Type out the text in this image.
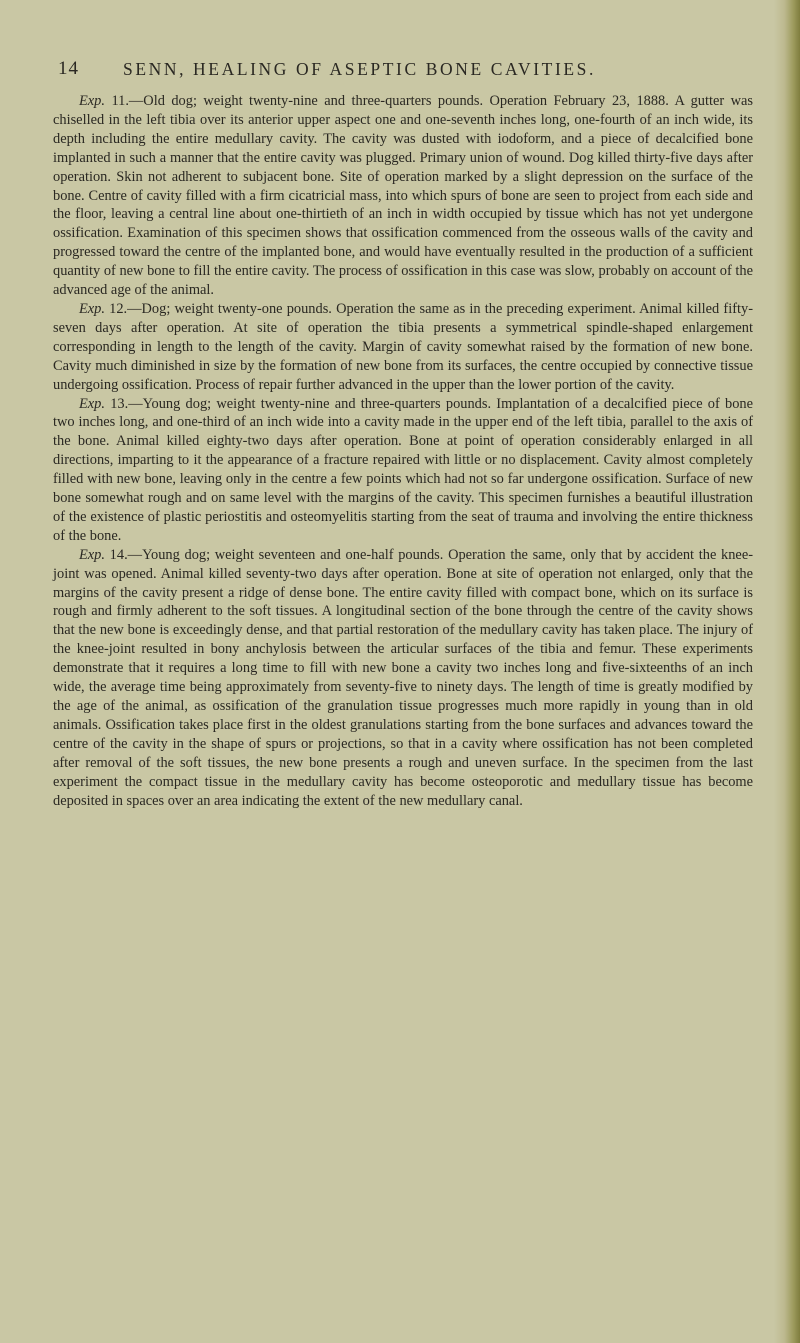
14	SENN, HEALING OF ASEPTIC BONE CAVITIES.

Exp. 11.—Old dog; weight twenty-nine and three-quarters pounds. Operation February 23, 1888. A gutter was chiselled in the left tibia over its anterior upper aspect one and one-seventh inches long, one-fourth of an inch wide, its depth including the entire medullary cavity. The cavity was dusted with iodoform, and a piece of decalcified bone implanted in such a manner that the entire cavity was plugged. Primary union of wound. Dog killed thirty-five days after operation. Skin not adherent to subjacent bone. Site of operation marked by a slight depression on the surface of the bone. Centre of cavity filled with a firm cicatricial mass, into which spurs of bone are seen to project from each side and the floor, leaving a central line about one-thirtieth of an inch in width occupied by tissue which has not yet undergone ossification. Examination of this specimen shows that ossification commenced from the osseous walls of the cavity and progressed toward the centre of the implanted bone, and would have eventually resulted in the production of a sufficient quantity of new bone to fill the entire cavity. The process of ossification in this case was slow, probably on account of the advanced age of the animal.

Exp. 12.—Dog; weight twenty-one pounds. Operation the same as in the preceding experiment. Animal killed fifty-seven days after operation. At site of operation the tibia presents a symmetrical spindle-shaped enlargement corresponding in length to the length of the cavity. Margin of cavity somewhat raised by the formation of new bone. Cavity much diminished in size by the formation of new bone from its surfaces, the centre occupied by connective tissue undergoing ossification. Process of repair further advanced in the upper than the lower portion of the cavity.

Exp. 13.—Young dog; weight twenty-nine and three-quarters pounds. Implantation of a decalcified piece of bone two inches long, and one-third of an inch wide into a cavity made in the upper end of the left tibia, parallel to the axis of the bone. Animal killed eighty-two days after operation. Bone at point of operation considerably enlarged in all directions, imparting to it the appearance of a fracture repaired with little or no displacement. Cavity almost completely filled with new bone, leaving only in the centre a few points which had not so far undergone ossification. Surface of new bone somewhat rough and on same level with the margins of the cavity. This specimen furnishes a beautiful illustration of the existence of plastic periostitis and osteomyelitis starting from the seat of trauma and involving the entire thickness of the bone.

Exp. 14.—Young dog; weight seventeen and one-half pounds. Operation the same, only that by accident the knee-joint was opened. Animal killed seventy-two days after operation. Bone at site of operation not enlarged, only that the margins of the cavity present a ridge of dense bone. The entire cavity filled with compact bone, which on its surface is rough and firmly adherent to the soft tissues. A longitudinal section of the bone through the centre of the cavity shows that the new bone is exceedingly dense, and that partial restoration of the medullary cavity has taken place. The injury of the knee-joint resulted in bony anchylosis between the articular surfaces of the tibia and femur. These experiments demonstrate that it requires a long time to fill with new bone a cavity two inches long and five-sixteenths of an inch wide, the average time being approximately from seventy-five to ninety days. The length of time is greatly modified by the age of the animal, as ossification of the granulation tissue progresses much more rapidly in young than in old animals. Ossification takes place first in the oldest granulations starting from the bone surfaces and advances toward the centre of the cavity in the shape of spurs or projections, so that in a cavity where ossification has not been completed after removal of the soft tissues, the new bone presents a rough and uneven surface. In the specimen from the last experiment the compact tissue in the medullary cavity has become osteoporotic and medullary tissue has become deposited in spaces over an area indicating the extent of the new medullary canal.
